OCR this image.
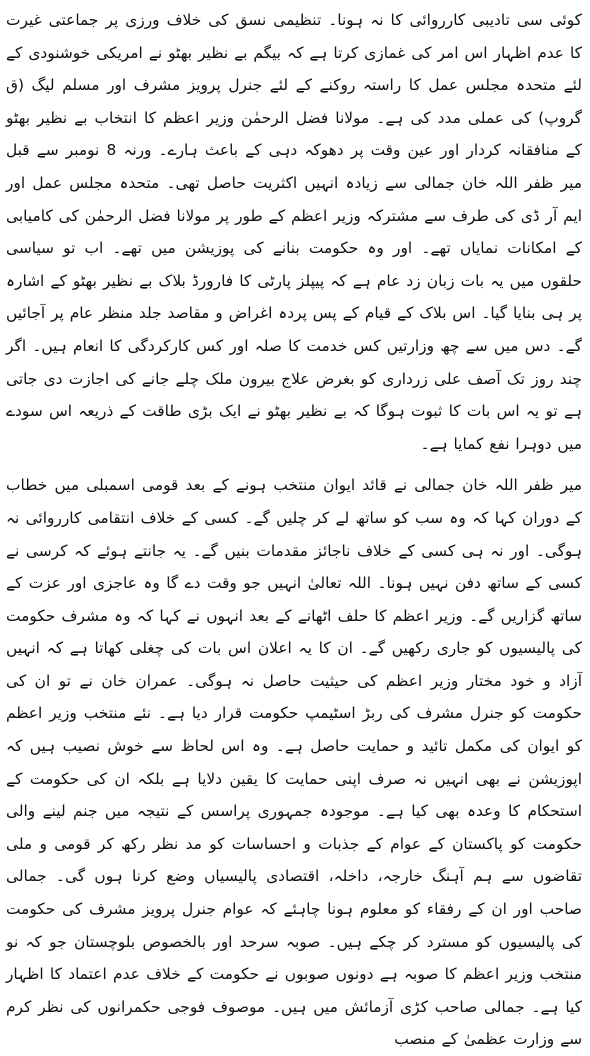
کوئی سی تادیبی کارروائی کا نہ ہونا۔ تنظیمی نسق کی خلاف ورزی پر جماعتی غیرت کا عدم اظہار اس امر کی غمازی کرتا ہے کہ بیگم بے نظیر بھٹو نے امریکی خوشنودی کے لئے متحدہ مجلس عمل کا راستہ روکنے کے لئے جنرل پرویز مشرف اور مسلم لیگ (ق گروپ) کی عملی مدد کی ہے۔ مولانا فضل الرحمٰن وزیر اعظم کا انتخاب بے نظیر بھٹو کے منافقانہ کردار اور عین وقت پر دھوکہ دہی کے باعث ہارے۔ ورنہ 8 نومبر سے قبل میر ظفر اللہ خان جمالی سے زیادہ انہیں اکثریت حاصل تھی۔ متحدہ مجلس عمل اور ایم آر ڈی کی طرف سے مشترکہ وزیر اعظم کے طور پر مولانا فضل الرحمٰن کی کامیابی کے امکانات نمایاں تھے۔ اور وہ حکومت بنانے کی پوزیشن میں تھے۔ اب تو سیاسی حلقوں میں یہ بات زبان زد عام ہے کہ پیپلز پارٹی کا فارورڈ بلاک بے نظیر بھٹو کے اشارہ پر ہی بنایا گیا۔ اس بلاک کے قیام کے پس پردہ اغراض و مقاصد جلد منظر عام پر آجائیں گے۔ دس میں سے چھ وزارتیں کس خدمت کا صلہ اور کس کارکردگی کا انعام ہیں۔ اگر چند روز تک آصف علی زرداری کو بغرض علاج بیرون ملک چلے جانے کی اجازت دی جاتی ہے تو یہ اس بات کا ثبوت ہوگا کہ بے نظیر بھٹو نے ایک بڑی طاقت کے ذریعہ اس سودے میں دوہرا نفع کمایا ہے۔

میر ظفر اللہ خان جمالی نے قائد ایوان منتخب ہونے کے بعد قومی اسمبلی میں خطاب کے دوران کہا کہ وہ سب کو ساتھ لے کر چلیں گے۔ کسی کے خلاف انتقامی کارروائی نہ ہوگی۔ اور نہ ہی کسی کے خلاف ناجائز مقدمات بنیں گے۔ یہ جانتے ہوئے کہ کرسی نے کسی کے ساتھ دفن نہیں ہونا۔ اللہ تعالیٰ انہیں جو وقت دے گا وہ عاجزی اور عزت کے ساتھ گزاریں گے۔ وزیر اعظم کا حلف اٹھانے کے بعد انہوں نے کہا کہ وہ مشرف حکومت کی پالیسیوں کو جاری رکھیں گے۔ ان کا یہ اعلان اس بات کی چغلی کھاتا ہے کہ انہیں آزاد و خود مختار وزیر اعظم کی حیثیت حاصل نہ ہوگی۔ عمران خان نے تو ان کی حکومت کو جنرل مشرف کی ربڑ اسٹیمپ حکومت قرار دیا ہے۔ نئے منتخب وزیر اعظم کو ایوان کی مکمل تائید و حمایت حاصل ہے۔ وہ اس لحاظ سے خوش نصیب ہیں کہ اپوزیشن نے بھی انہیں نہ صرف اپنی حمایت کا یقین دلایا ہے بلکہ ان کی حکومت کے استحکام کا وعدہ بھی کیا ہے۔ موجودہ جمہوری پراسس کے نتیجہ میں جنم لینے والی حکومت کو پاکستان کے عوام کے جذبات و احساسات کو مد نظر رکھ کر قومی و ملی تقاضوں سے ہم آہنگ خارجہ، داخلہ، اقتصادی پالیسیاں وضع کرنا ہوں گی۔ جمالی صاحب اور ان کے رفقاء کو معلوم ہونا چاہئے کہ عوام جنرل پرویز مشرف کی حکومت کی پالیسیوں کو مسترد کر چکے ہیں۔ صوبہ سرحد اور بالخصوص بلوچستان جو کہ نو منتخب وزیر اعظم کا صوبہ ہے دونوں صوبوں نے حکومت کے خلاف عدم اعتماد کا اظہار کیا ہے۔ جمالی صاحب کڑی آزمائش میں ہیں۔ موصوف فوجی حکمرانوں کی نظر کرم سے وزارت عظمیٰ کے منصب
